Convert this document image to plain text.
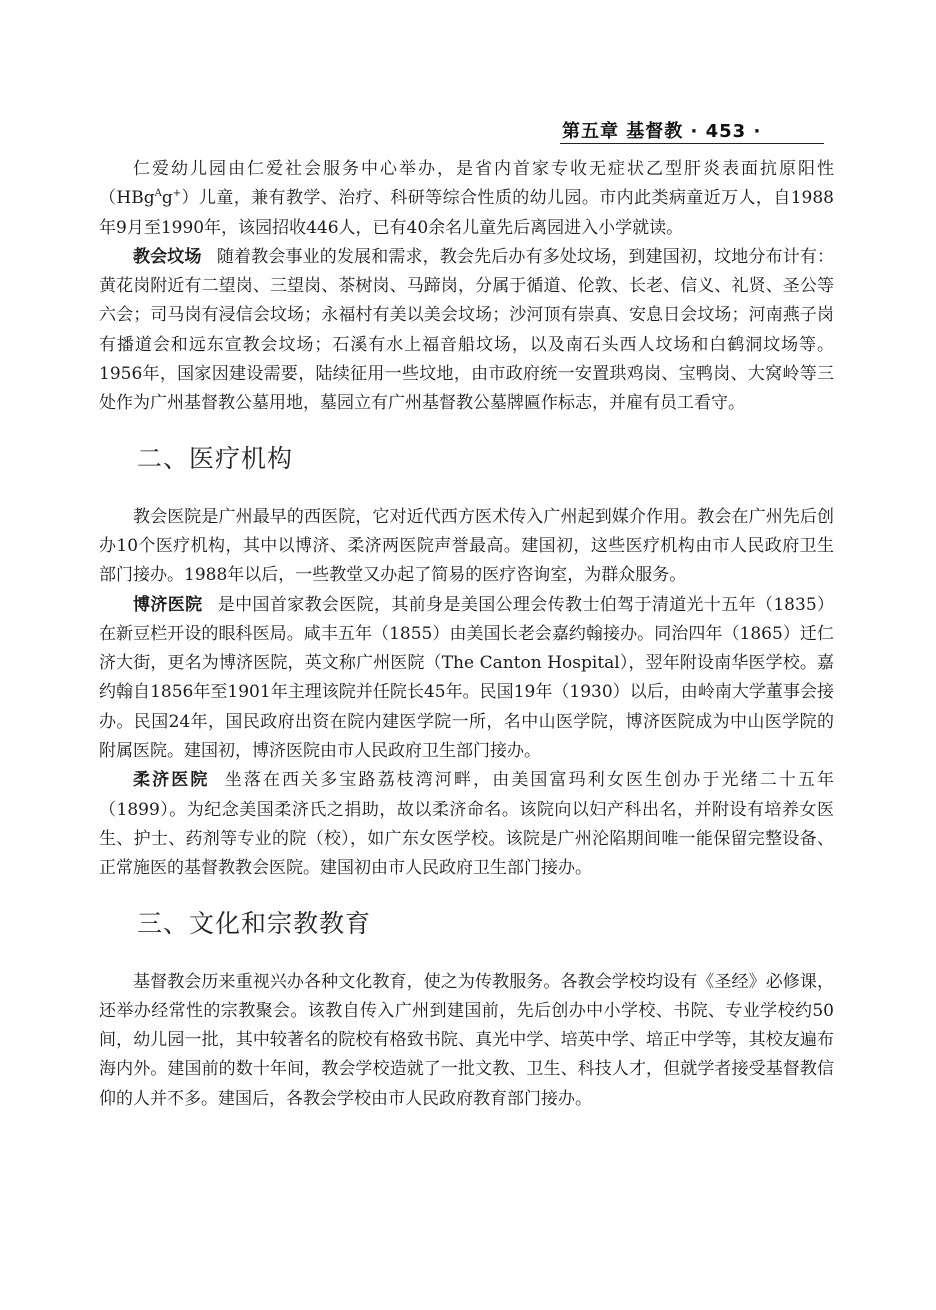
第五章 基督教 · 453 ·

仁爱幼儿园由仁爱社会服务中心举办，是省内首家专收无症状乙型肝炎表面抗原阳性（HBg$^A$g+）儿童，兼有教学、治疗、科研等综合性质的幼儿园。市内此类病童近万人，自1988年9月至1990年，该园招收446人，已有40余名儿童先后离园进入小学就读。

教会坟场 随着教会事业的发展和需求，教会先后办有多处坟场，到建国初，坟地分布计有：黄花岗附近有二望岗、三望岗、茶树岗、马蹄岗，分属于循道、伦敦、长老、信义、礼贤、圣公等六会；司马岗有浸信会坟场；永福村有美以美会坟场；沙河顶有崇真、安息日会坟场；河南燕子岗有播道会和远东宣教会坟场；石溪有水上福音船坟场，以及南石头西人坟场和白鹤洞坟场等。1956年，国家因建设需要，陆续征用一些坟地，由市政府统一安置珙鸡岗、宝鸭岗、大窝岭等三处作为广州基督教公墓用地，墓园立有广州基督教公墓牌匾作标志，并雇有员工看守。

二、医疗机构

教会医院是广州最早的西医院，它对近代西方医术传入广州起到媒介作用。教会在广州先后创办10个医疗机构，其中以博济、柔济两医院声誉最高。建国初，这些医疗机构由市人民政府卫生部门接办。1988年以后，一些教堂又办起了简易的医疗咨询室，为群众服务。

博济医院 是中国首家教会医院，其前身是美国公理会传教士伯驾于清道光十五年（1835）在新豆栏开设的眼科医局。咸丰五年（1855）由美国长老会嘉约翰接办。同治四年（1865）迁仁济大街，更名为博济医院，英文称广州医院（The Canton Hospital），翌年附设南华医学校。嘉约翰自1856年至1901年主理该院并任院长45年。民国19年（1930）以后，由岭南大学董事会接办。民国24年，国民政府出资在院内建医学院一所，名中山医学院，博济医院成为中山医学院的附属医院。建国初，博济医院由市人民政府卫生部门接办。

柔济医院 坐落在西关多宝路荔枝湾河畔，由美国富玛利女医生创办于光绪二十五年（1899）。为纪念美国柔济氏之捐助，故以柔济命名。该院向以妇产科出名，并附设有培养女医生、护士、药剂等专业的院（校），如广东女医学校。该院是广州沦陷期间唯一能保留完整设备、正常施医的基督教教会医院。建国初由市人民政府卫生部门接办。

三、文化和宗教教育

基督教会历来重视兴办各种文化教育，使之为传教服务。各教会学校均设有《圣经》必修课，还举办经常性的宗教聚会。该教自传入广州到建国前，先后创办中小学校、书院、专业学校约50间，幼儿园一批，其中较著名的院校有格致书院、真光中学、培英中学、培正中学等，其校友遍布海内外。建国前的数十年间，教会学校造就了一批文教、卫生、科技人才，但就学者接受基督教信仰的人并不多。建国后，各教会学校由市人民政府教育部门接办。
